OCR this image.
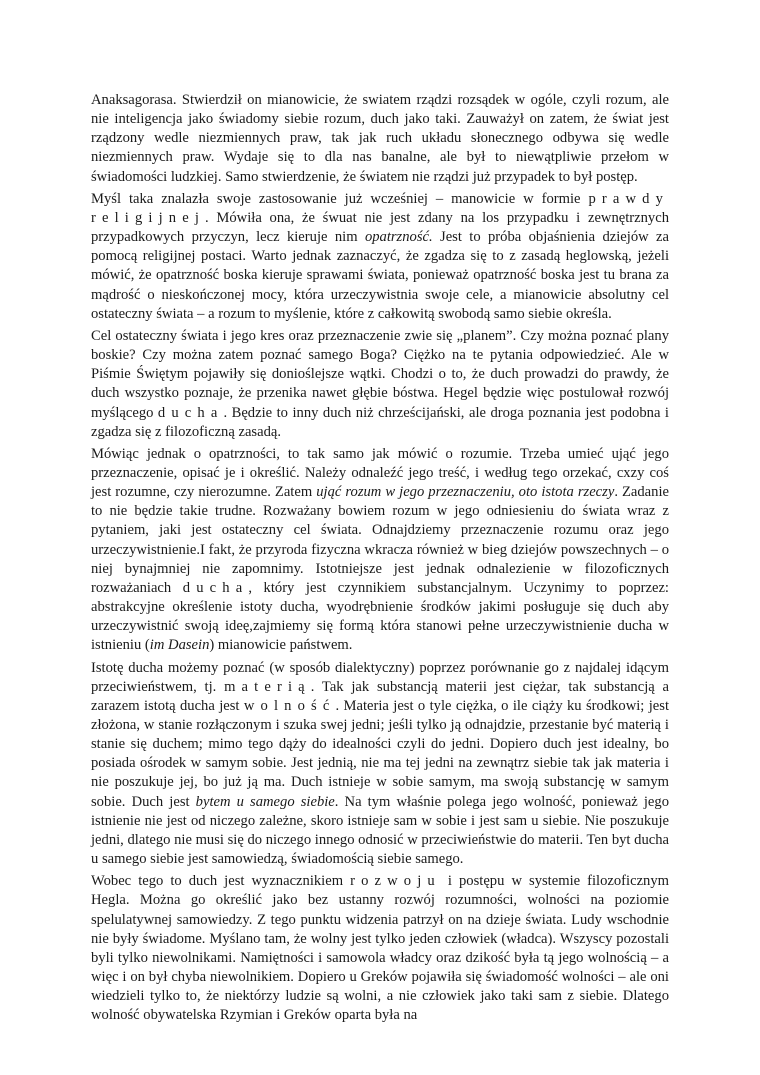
Anaksagorasa. Stwierdził on mianowicie, że swiatem rządzi rozsądek w ogóle, czyli rozum, ale nie inteligencja jako świadomy siebie rozum, duch jako taki. Zauważył on zatem, że świat jest rządzony wedle niezmiennych praw, tak jak ruch układu słonecznego odbywa się wedle niezmiennych praw. Wydaje się to dla nas banalne, ale był to niewątpliwie przełom w świadomości ludzkiej. Samo stwierdzenie, że światem nie rządzi już przypadek to był postęp.

Myśl taka znalazła swoje zastosowanie już wcześniej – manowicie w formie prawdy religijnej. Mówiła ona, że śwuat nie jest zdany na los przypadku i zewnętrznych przypadkowych przyczyn, lecz kieruje nim opatrzność. Jest to próba objaśnienia dziejów za pomocą religijnej postaci. Warto jednak zaznaczyć, że zgadza się to z zasadą heglowską, jeżeli mówić, że opatrzność boska kieruje sprawami świata, ponieważ opatrzność boska jest tu brana za mądrość o nieskończonej mocy, która urzeczywistnia swoje cele, a mianowicie absolutny cel ostateczny świata – a rozum to myślenie, które z całkowitą swobodą samo siebie określa.

Cel ostateczny świata i jego kres oraz przeznaczenie zwie się „planem”. Czy można poznać plany boskie? Czy można zatem poznać samego Boga? Ciężko na te pytania odpowiedzieć. Ale w Piśmie Świętym pojawiły się donioślejsze wątki. Chodzi o to, że duch prowadzi do prawdy, że duch wszystko poznaje, że przenika nawet głębie bóstwa. Hegel będzie więc postulował rozwój myślącego ducha. Będzie to inny duch niż chrześcijański, ale droga poznania jest podobna i zgadza się z filozoficzną zasadą.

Mówiąc jednak o opatrzności, to tak samo jak mówić o rozumie. Trzeba umieć ująć jego przeznaczenie, opisać je i określić. Należy odnaleźć jego treść, i według tego orzekać, cxzy coś jest rozumne, czy nierozumne. Zatem ująć rozum w jego przeznaczeniu, oto istota rzeczy. Zadanie to nie będzie takie trudne. Rozważany bowiem rozum w jego odniesieniu do świata wraz z pytaniem, jaki jest ostateczny cel świata. Odnajdziemy przeznaczenie rozumu oraz jego urzeczywistnienie.I fakt, że przyroda fizyczna wkracza również w bieg dziejów powszechnych – o niej bynajmniej nie zapomnimy. Istotniejsze jest jednak odnalezienie w filozoficznych rozważaniach ducha, który jest czynnikiem substancjalnym. Uczynimy to poprzez: abstrakcyjne określenie istoty ducha, wyodrębnienie środków jakimi posługuje się duch aby urzeczywistnić swoją ideę,zajmiemy się formą która stanowi pełne urzeczywistnienie ducha w istnieniu (im Dasein) mianowicie państwem.

Istotę ducha możemy poznać (w sposób dialektyczny) poprzez porównanie go z najdalej idącym przeciwieństwem, tj. materią. Tak jak substancją materii jest ciężar, tak substancją a zarazem istotą ducha jest wolność. Materia jest o tyle ciężka, o ile ciąży ku środkowi; jest złożona, w stanie rozłączonym i szuka swej jedni; jeśli tylko ją odnajdzie, przestanie być materią i stanie się duchem; mimo tego dąży do idealności czyli do jedni. Dopiero duch jest idealny, bo posiada ośrodek w samym sobie. Jest jednią, nie ma tej jedni na zewnątrz siebie tak jak materia i nie poszukuje jej, bo już ją ma. Duch istnieje w sobie samym, ma swoją substancję w samym sobie. Duch jest bytem u samego siebie. Na tym właśnie polega jego wolność, ponieważ jego istnienie nie jest od niczego zależne, skoro istnieje sam w sobie i jest sam u siebie. Nie poszukuje jedni, dlatego nie musi się do niczego innego odnosić w przeciwieństwie do materii. Ten byt ducha u samego siebie jest samowiedzą, świadomością siebie samego.

Wobec tego to duch jest wyznacznikiem rozwoju i postępu w systemie filozoficznym Hegla. Można go określić jako bez ustanny rozwój rozumności, wolności na poziomie spelulatywnej samowiedzy. Z tego punktu widzenia patrzył on na dzieje świata. Ludy wschodnie nie były świadome. Myślano tam, że wolny jest tylko jeden człowiek (władca). Wszyscy pozostali byli tylko niewolnikami. Namiętności i samowola władcy oraz dzikość była tą jego wolnością – a więc i on był chyba niewolnikiem. Dopiero u Greków pojawiła się świadomość wolności – ale oni wiedzieli tylko to, że niektórzy ludzie są wolni, a nie człowiek jako taki sam z siebie. Dlatego wolność obywatelska Rzymian i Greków oparta była na
